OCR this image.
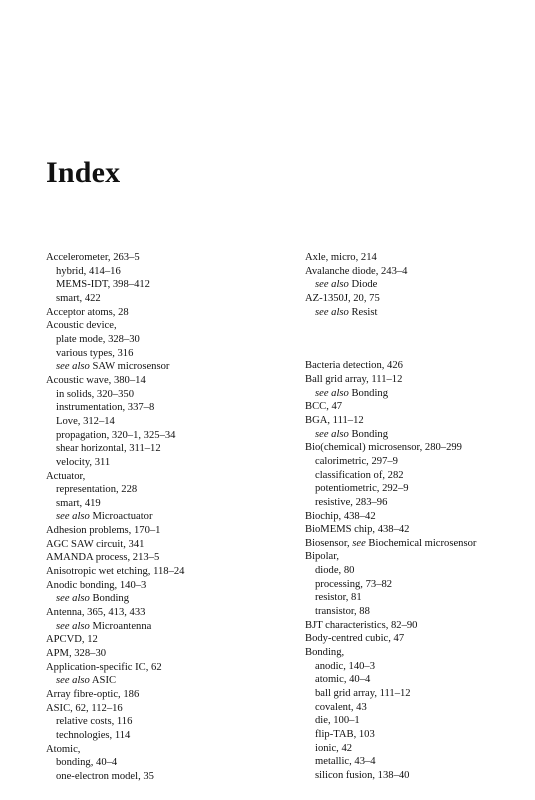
Index
Accelerometer, 263–5
hybrid, 414–16
MEMS-IDT, 398–412
smart, 422
Acceptor atoms, 28
Acoustic device,
plate mode, 328–30
various types, 316
see also SAW microsensor
Acoustic wave, 380–14
in solids, 320–350
instrumentation, 337–8
Love, 312–14
propagation, 320–1, 325–34
shear horizontal, 311–12
velocity, 311
Actuator,
representation, 228
smart, 419
see also Microactuator
Adhesion problems, 170–1
AGC SAW circuit, 341
AMANDA process, 213–5
Anisotropic wet etching, 118–24
Anodic bonding, 140–3
see also Bonding
Antenna, 365, 413, 433
see also Microantenna
APCVD, 12
APM, 328–30
Application-specific IC, 62
see also ASIC
Array fibre-optic, 186
ASIC, 62, 112–16
relative costs, 116
technologies, 114
Atomic,
bonding, 40–4
one-electron model, 35
Axle, micro, 214
Avalanche diode, 243–4
see also Diode
AZ-1350J, 20, 75
see also Resist
Bacteria detection, 426
Ball grid array, 111–12
see also Bonding
BCC, 47
BGA, 111–12
see also Bonding
Bio(chemical) microsensor, 280–299
calorimetric, 297–9
classification of, 282
potentiometric, 292–9
resistive, 283–96
Biochip, 438–42
BioMEMS chip, 438–42
Biosensor, see Biochemical microsensor
Bipolar,
diode, 80
processing, 73–82
resistor, 81
transistor, 88
BJT characteristics, 82–90
Body-centred cubic, 47
Bonding,
anodic, 140–3
atomic, 40–4
ball grid array, 111–12
covalent, 43
die, 100–1
flip-TAB, 103
ionic, 42
metallic, 43–4
silicon fusion, 138–40
